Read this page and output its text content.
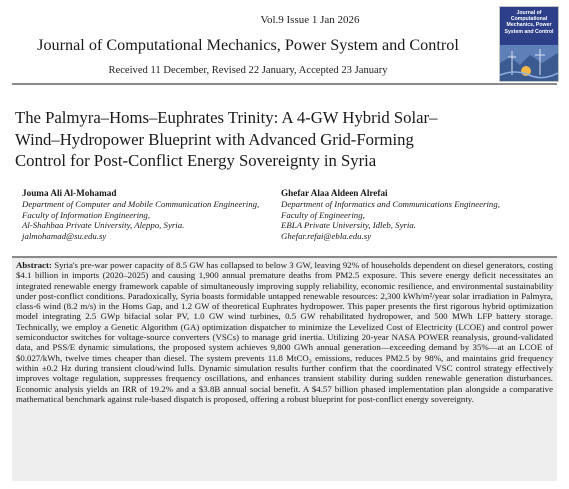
Vol.9 Issue 1 Jan 2026
Journal of Computational Mechanics, Power System and Control
Received 11 December, Revised 22 January, Accepted 23 January
Journal of Computational Mechanics, Power System and Control
The Palmyra–Homs–Euphrates Trinity: A 4-GW Hybrid Solar–
Wind–Hydropower Blueprint with Advanced Grid-Forming
Control for Post-Conflict Energy Sovereignty in Syria
Jouma Ali Al-Mohamad
Department of Computer and Mobile Communication Engineering,
Faculty of Information Engineering,
Al-Shahbaa Private University, Aleppo, Syria.
jalmohamad@su.edu.sy
Ghefar Alaa Aldeen Alrefai
Department of Informatics and Communications Engineering,
Faculty of Engineering,
EBLA Private University, Idleb, Syria.
Ghefar.refai@ebla.edu.sy

Abstract: Syria's pre-war power capacity of 8.5 GW has collapsed to below 3 GW, leaving 92% of households dependent on diesel generators, costing $4.1 billion in imports (2020–2025) and causing 1,900 annual premature deaths from PM2.5 exposure. This severe energy deficit necessitates an integrated renewable energy framework capable of simultaneously improving supply reliability, economic resilience, and environmental sustainability under post-conflict conditions. Paradoxically, Syria boasts formidable untapped renewable resources: 2,300 kWh/m²/year solar irradiation in Palmyra, class-6 wind (8.2 m/s) in the Homs Gap, and 1.2 GW of theoretical Euphrates hydropower. This paper presents the first rigorous hybrid optimization model integrating 2.5 GWp bifacial solar PV, 1.0 GW wind turbines, 0.5 GW rehabilitated hydropower, and 500 MWh LFP battery storage. Technically, we employ a Genetic Algorithm (GA) optimization dispatcher to minimize the Levelized Cost of Electricity (LCOE) and control power semiconductor switches for voltage-source converters (VSCs) to manage grid inertia. Utilizing 20-year NASA POWER reanalysis, ground-validated data, and PSS/E dynamic simulations, the proposed system achieves 9,800 GWh annual generation—exceeding demand by 35%—at an LCOE of $0.027/kWh, twelve times cheaper than diesel. The system prevents 11.8 MtCO₂ emissions, reduces PM2.5 by 98%, and maintains grid frequency within ±0.2 Hz during transient cloud/wind lulls. Dynamic simulation results further confirm that the coordinated VSC control strategy effectively improves voltage regulation, suppresses frequency oscillations, and enhances transient stability during sudden renewable generation disturbances. Economic analysis yields an IRR of 19.2% and a $3.8B annual social benefit. A $4.57 billion phased implementation plan alongside a comparative mathematical benchmark against rule-based dispatch is proposed, offering a robust blueprint for post-conflict energy sovereignty.
